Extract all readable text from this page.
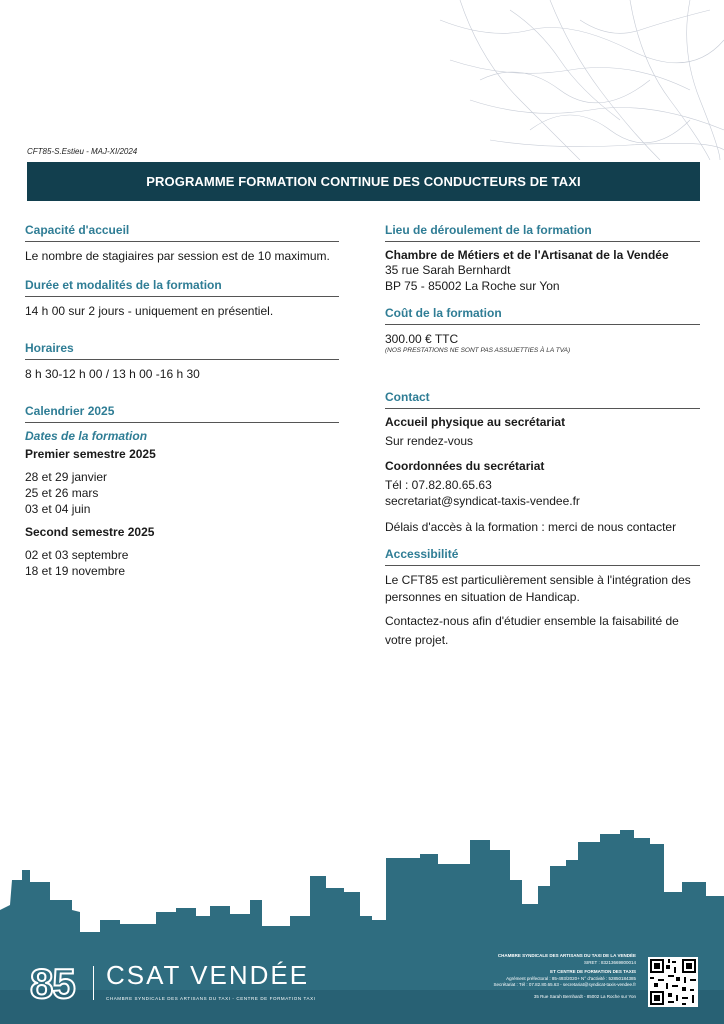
CFT85-S.Estieu - MAJ-XI/2024
PROGRAMME FORMATION CONTINUE DES CONDUCTEURS DE TAXI
Capacité d'accueil
Le nombre de stagiaires par session est de 10 maximum.
Durée et modalités de la formation
14 h 00 sur 2 jours - uniquement en présentiel.
Horaires
8 h 30-12 h 00 / 13 h 00 -16 h 30
Calendrier 2025
Dates de la formation
Premier semestre 2025
28 et 29 janvier
25 et 26 mars
03 et 04 juin
Second semestre 2025
02 et 03 septembre
18 et 19 novembre
Lieu de déroulement de la formation
Chambre de Métiers et de l'Artisanat de la Vendée
35 rue Sarah Bernhardt
BP 75 - 85002 La Roche sur Yon
Coût de la formation
300.00 € TTC
(NOS PRESTATIONS NE SONT PAS ASSUJETTIES À LA TVA)
Contact
Accueil physique au secrétariat
Sur rendez-vous
Coordonnées du secrétariat
Tél : 07.82.80.65.63
secretariat@syndicat-taxis-vendee.fr
Délais d'accès à la formation : merci de nous contacter
Accessibilité
Le CFT85 est particulièrement sensible à l'intégration des personnes en situation de Handicap.
Contactez-nous afin d'étudier ensemble la faisabilité de votre projet.
85 CSAT VENDÉE
CHAMBRE SYNDICALE DES ARTISANS DU TAXI - CENTRE DE FORMATION TAXI
CHAMBRE SYNDICALE DES ARTISANS DU TAXI DE LA VENDÉE
SIRET : 83213669800014
ET CENTRE DE FORMATION DES TAXIS
Agrément préfectoral : 85-493/2020+ N° d'activité : 52850184385
Secrétariat : Tél : 07.82.80.65.63 - secretariat@syndicat-taxis-vendee.fr
35 Rue Sarah Bernhardt - 85002 La Roche sur Yon
